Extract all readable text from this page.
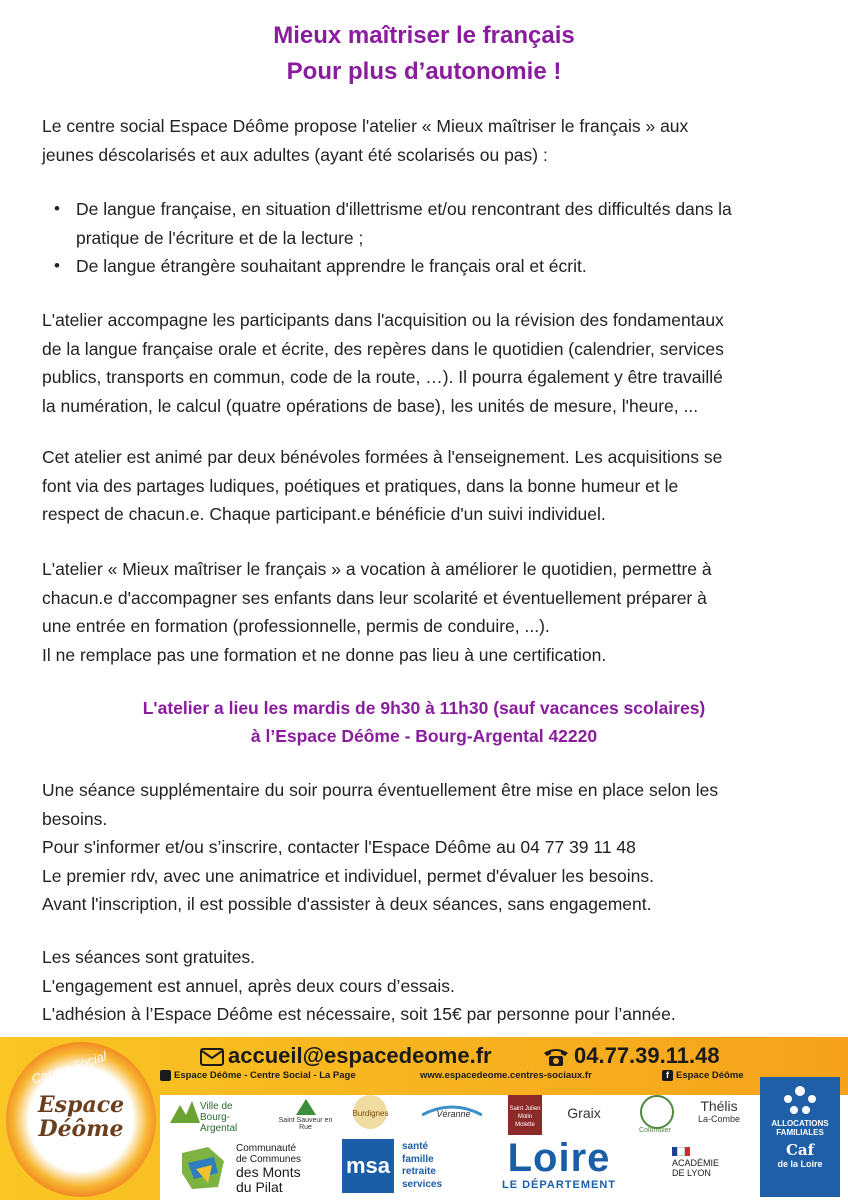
Mieux maîtriser le français
Pour plus d’autonomie !
Le centre social Espace Déôme propose l'atelier « Mieux maîtriser le français » aux
jeunes déscolarisés et aux adultes (ayant été scolarisés ou pas) :
• De langue française, en situation d'illettrisme et/ou rencontrant des difficultés dans la
pratique de l'écriture et de la lecture ;
• De langue étrangère souhaitant apprendre le français oral et écrit.
L'atelier accompagne les participants dans l'acquisition ou la révision des fondamentaux
de la langue française orale et écrite, des repères dans le quotidien (calendrier, services
publics, transports en commun, code de la route, …). Il pourra également y être travaillé
la numération, le calcul (quatre opérations de base), les unités de mesure, l'heure, ...
Cet atelier est animé par deux bénévoles formées à l'enseignement. Les acquisitions se
font via des partages ludiques, poétiques et pratiques, dans la bonne humeur et le
respect de chacun.e. Chaque participant.e bénéficie d'un suivi individuel.
L'atelier « Mieux maîtriser le français » a vocation à améliorer le quotidien, permettre à
chacun.e d'accompagner ses enfants dans leur scolarité et éventuellement préparer à
une entrée en formation (professionnelle, permis de conduire, ...).
Il ne remplace pas une formation et ne donne pas lieu à une certification.
L'atelier a lieu les mardis de 9h30 à 11h30 (sauf vacances scolaires)
à l’Espace Déôme - Bourg-Argental 42220
Une séance supplémentaire du soir pourra éventuellement être mise en place selon les
besoins.
Pour s'informer et/ou s’inscrire, contacter l'Espace Déôme au 04 77 39 11 48
Le premier rdv, avec une animatrice et individuel, permet d'évaluer les besoins.
Avant l'inscription, il est possible d'assister à deux séances, sans engagement.
Les séances sont gratuites.
L'engagement est annuel, après deux cours d’essais.
L'adhésion à l’Espace Déôme est nécessaire, soit 15€ par personne pour l’année.
Centre Social
Espace
Déôme
accueil@espacedeome.fr	04.77.39.11.48
Espace Déôme - Centre Social - La Page	www.espacedeome.centres-sociaux.fr	f Espace Déôme
Ville de Bourg-Argental
Saint Sauveur en Rue
Burdignes	Véranne	Saint Julien Molin Molette
Graix
Colombier
Thélis
La-Combe	ALLOCATIONS
FAMILIALES
Caf
de la Loire
Communauté
de Communes
des Monts
du Pilat
msa
santé
famille
retraite
services
Loire
LE DÉPARTEMENT
ACADÉMIE
DE LYON
